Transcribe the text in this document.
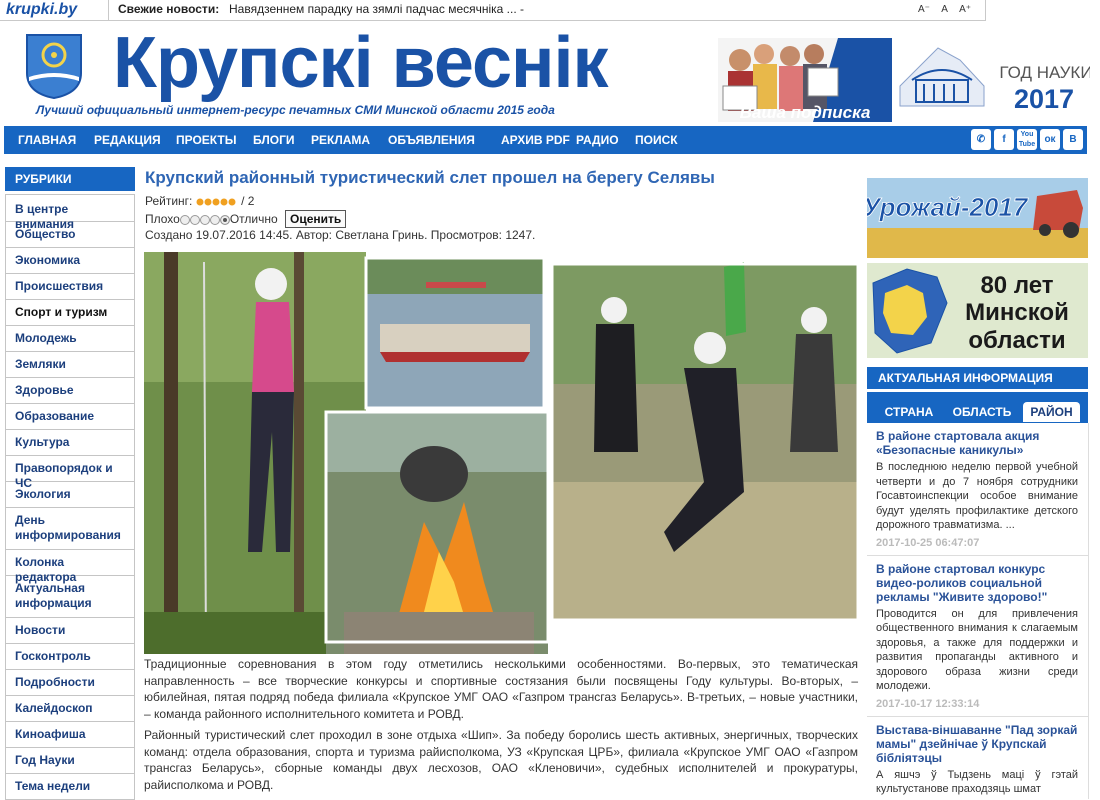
krupki.by	Свежие новости: Навядзеннем парадку на зямлі падчас месячніка ... -	A⁻ A A⁺
Крупскі веснік
Лучший официальный интернет-ресурс печатных СМИ Минской области 2015 года	Ваша подписка
ГОД НАУКИ
2017
ГЛАВНАЯ РЕДАКЦИЯ ПРОЕКТЫ БЛОГИ РЕКЛАМА ОБЪЯВЛЕНИЯ АРХИВ PDF РАДИО ПОИСК	✆	f	You Tube ок	В
РУБРИКИ
В центре внимания
Общество
Экономика
Происшествия
Спорт и туризм
Молодежь
Земляки
Здоровье
Образование
Культура
Правопорядок и ЧС
Экология
День информирования
Колонка редактора
Актуальная информация
Новости
Госконтроль
Подробности
Калейдоскоп
Киноафиша
Год Науки
Тема недели
Крупский районный туристический слет прошел на берегу Селявы
Рейтинг:	/ 2
Плохо	Отлично Оценить
Создано 19.07.2016 14:45. Автор: Светлана Гринь. Просмотров: 1247.
krupki.by

Традиционные соревнования в этом году отметились несколькими особенностями. Во-первых, это тематическая направленность – все творческие конкурсы и спортивные состязания были посвящены Году культуры. Во-вторых, – юбилейная, пятая подряд победа филиала «Крупское УМГ ОАО «Газпром трансгаз Беларусь». В-третьих, – новые участники, – команда районного исполнительного комитета и РОВД.

Районный туристический слет проходил в зоне отдыха «Шип». За победу боролись шесть активных, энергичных, творческих команд: отдела образования, спорта и туризма райисполкома, УЗ «Крупская ЦРБ», филиала «Крупское УМГ ОАО «Газпром трансгаз Беларусь», сборные команды двух лесхозов, ОАО «Кленовичи», судебных исполнителей и прокуратуры, райисполкома и РОВД.

Урожай-2017
80 лет
Минской
области
АКТУАЛЬНАЯ ИНФОРМАЦИЯ
СТРАНА	ОБЛАСТЬ	РАЙОН
В районе стартовала акция «Безопасные каникулы»
В последнюю неделю первой учебной четверти и до 7 ноября сотрудники Госавтоинспекции особое внимание будут уделять профилактике детского дорожного травматизма. ...
2017-10-25 06:47:07
В районе стартовал конкурс видео-роликов социальной рекламы "Живите здорово!"
Проводится он для привлечения общественного внимания к слагаемым здоровья, а также для поддержки и развития пропаганды активного и здорового образа жизни среди молодежи.
2017-10-17 12:33:14
Выстава-віншаванне "Пад зоркай мамы" дзейнічае ў Крупскай бібліятэцы
А яшчэ ў Тыдзень маці ў гэтай культустанове праходзяць шмат
